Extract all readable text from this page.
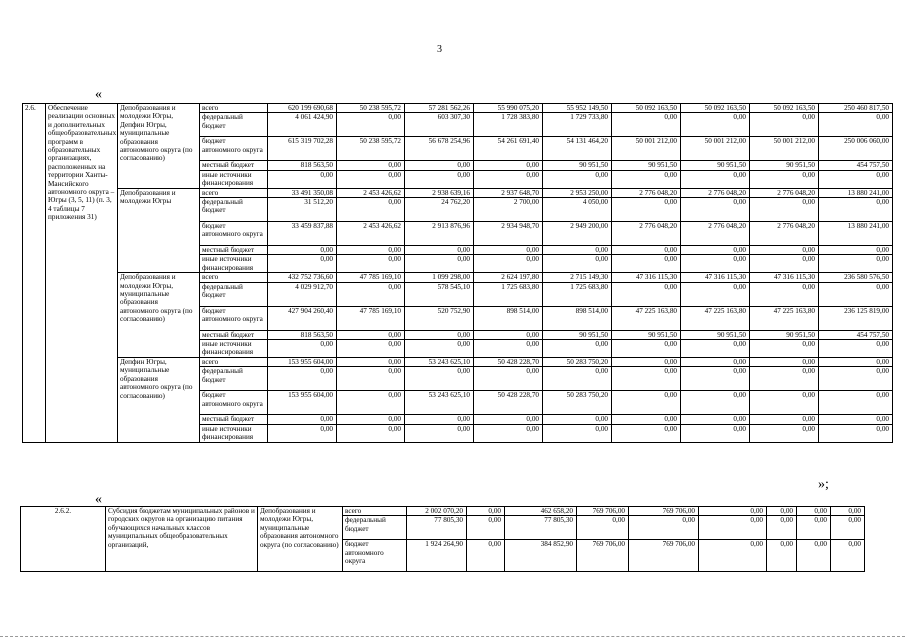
3
«
2.6.	Обеспечение реализации основных и дополнительных общеобразовательных программ в образовательных организациях, расположенных на территории Ханты-Мансийского автономного округа – Югры (3, 5, 11) (п. 3, 4 таблицы 7 приложения 31)	Депобразования и молодежи Югры, Депфин Югры, муниципальные образования автономного округа (по согласованию)	всего	620 199 690,68	50 238 595,72	57 281 562,26	55 990 075,20	55 952 149,50	50 092 163,50	50 092 163,50	50 092 163,50	250 460 817,50
			федеральный бюджет	4 061 424,90	0,00	603 307,30	1 728 383,80	1 729 733,80	0,00	0,00	0,00	0,00
			бюджет автономного округа	615 319 702,28	50 238 595,72	56 678 254,96	54 261 691,40	54 131 464,20	50 001 212,00	50 001 212,00	50 001 212,00	250 006 060,00
			местный бюджет	818 563,50	0,00	0,00	0,00	90 951,50	90 951,50	90 951,50	90 951,50	454 757,50
			иные источники финансирования	0,00	0,00	0,00	0,00	0,00	0,00	0,00	0,00	0,00
		Депобразования и молодежи Югры	всего	33 491 350,08	2 453 426,62	2 938 639,16	2 937 648,70	2 953 250,00	2 776 048,20	2 776 048,20	2 776 048,20	13 880 241,00
			федеральный бюджет	31 512,20	0,00	24 762,20	2 700,00	4 050,00	0,00	0,00	0,00	0,00
			бюджет автономного округа	33 459 837,88	2 453 426,62	2 913 876,96	2 934 948,70	2 949 200,00	2 776 048,20	2 776 048,20	2 776 048,20	13 880 241,00
			местный бюджет	0,00	0,00	0,00	0,00	0,00	0,00	0,00	0,00	0,00
			иные источники финансирования	0,00	0,00	0,00	0,00	0,00	0,00	0,00	0,00	0,00
		Депобразования и молодежи Югры, муниципальные образования автономного округа (по согласованию)	всего	432 752 736,60	47 785 169,10	1 099 298,00	2 624 197,80	2 715 149,30	47 316 115,30	47 316 115,30	47 316 115,30	236 580 576,50
			федеральный бюджет	4 029 912,70	0,00	578 545,10	1 725 683,80	1 725 683,80	0,00	0,00	0,00	0,00
			бюджет автономного округа	427 904 260,40	47 785 169,10	520 752,90	898 514,00	898 514,00	47 225 163,80	47 225 163,80	47 225 163,80	236 125 819,00
			местный бюджет	818 563,50	0,00	0,00	0,00	90 951,50	90 951,50	90 951,50	90 951,50	454 757,50
			иные источники финансирования	0,00	0,00	0,00	0,00	0,00	0,00	0,00	0,00	0,00
		Депфин Югры, муниципальные образования автономного округа (по согласованию)	всего	153 955 604,00	0,00	53 243 625,10	50 428 228,70	50 283 750,20	0,00	0,00	0,00	0,00
			федеральный бюджет	0,00	0,00	0,00	0,00	0,00	0,00	0,00	0,00	0,00
			бюджет автономного округа	153 955 604,00	0,00	53 243 625,10	50 428 228,70	50 283 750,20	0,00	0,00	0,00	0,00
			местный бюджет	0,00	0,00	0,00	0,00	0,00	0,00	0,00	0,00	0,00
			иные источники финансирования	0,00	0,00	0,00	0,00	0,00	0,00	0,00	0,00	0,00
»;
«
2.6.2.	Субсидия бюджетам муниципальных районов и городских округов на организацию питания обучающихся начальных классов муниципальных общеобразовательных организаций,	Депобразования и молодежи Югры, муниципальные образования автономного округа (по согласованию)	всего	2 002 070,20	0,00	462 658,20	769 706,00	769 706,00	0,00	0,00	0,00	0,00
			федеральный бюджет	77 805,30	0,00	77 805,30	0,00	0,00	0,00	0,00	0,00	0,00
			бюджет автономного округа	1 924 264,90	0,00	384 852,90	769 706,00	769 706,00	0,00	0,00	0,00	0,00
